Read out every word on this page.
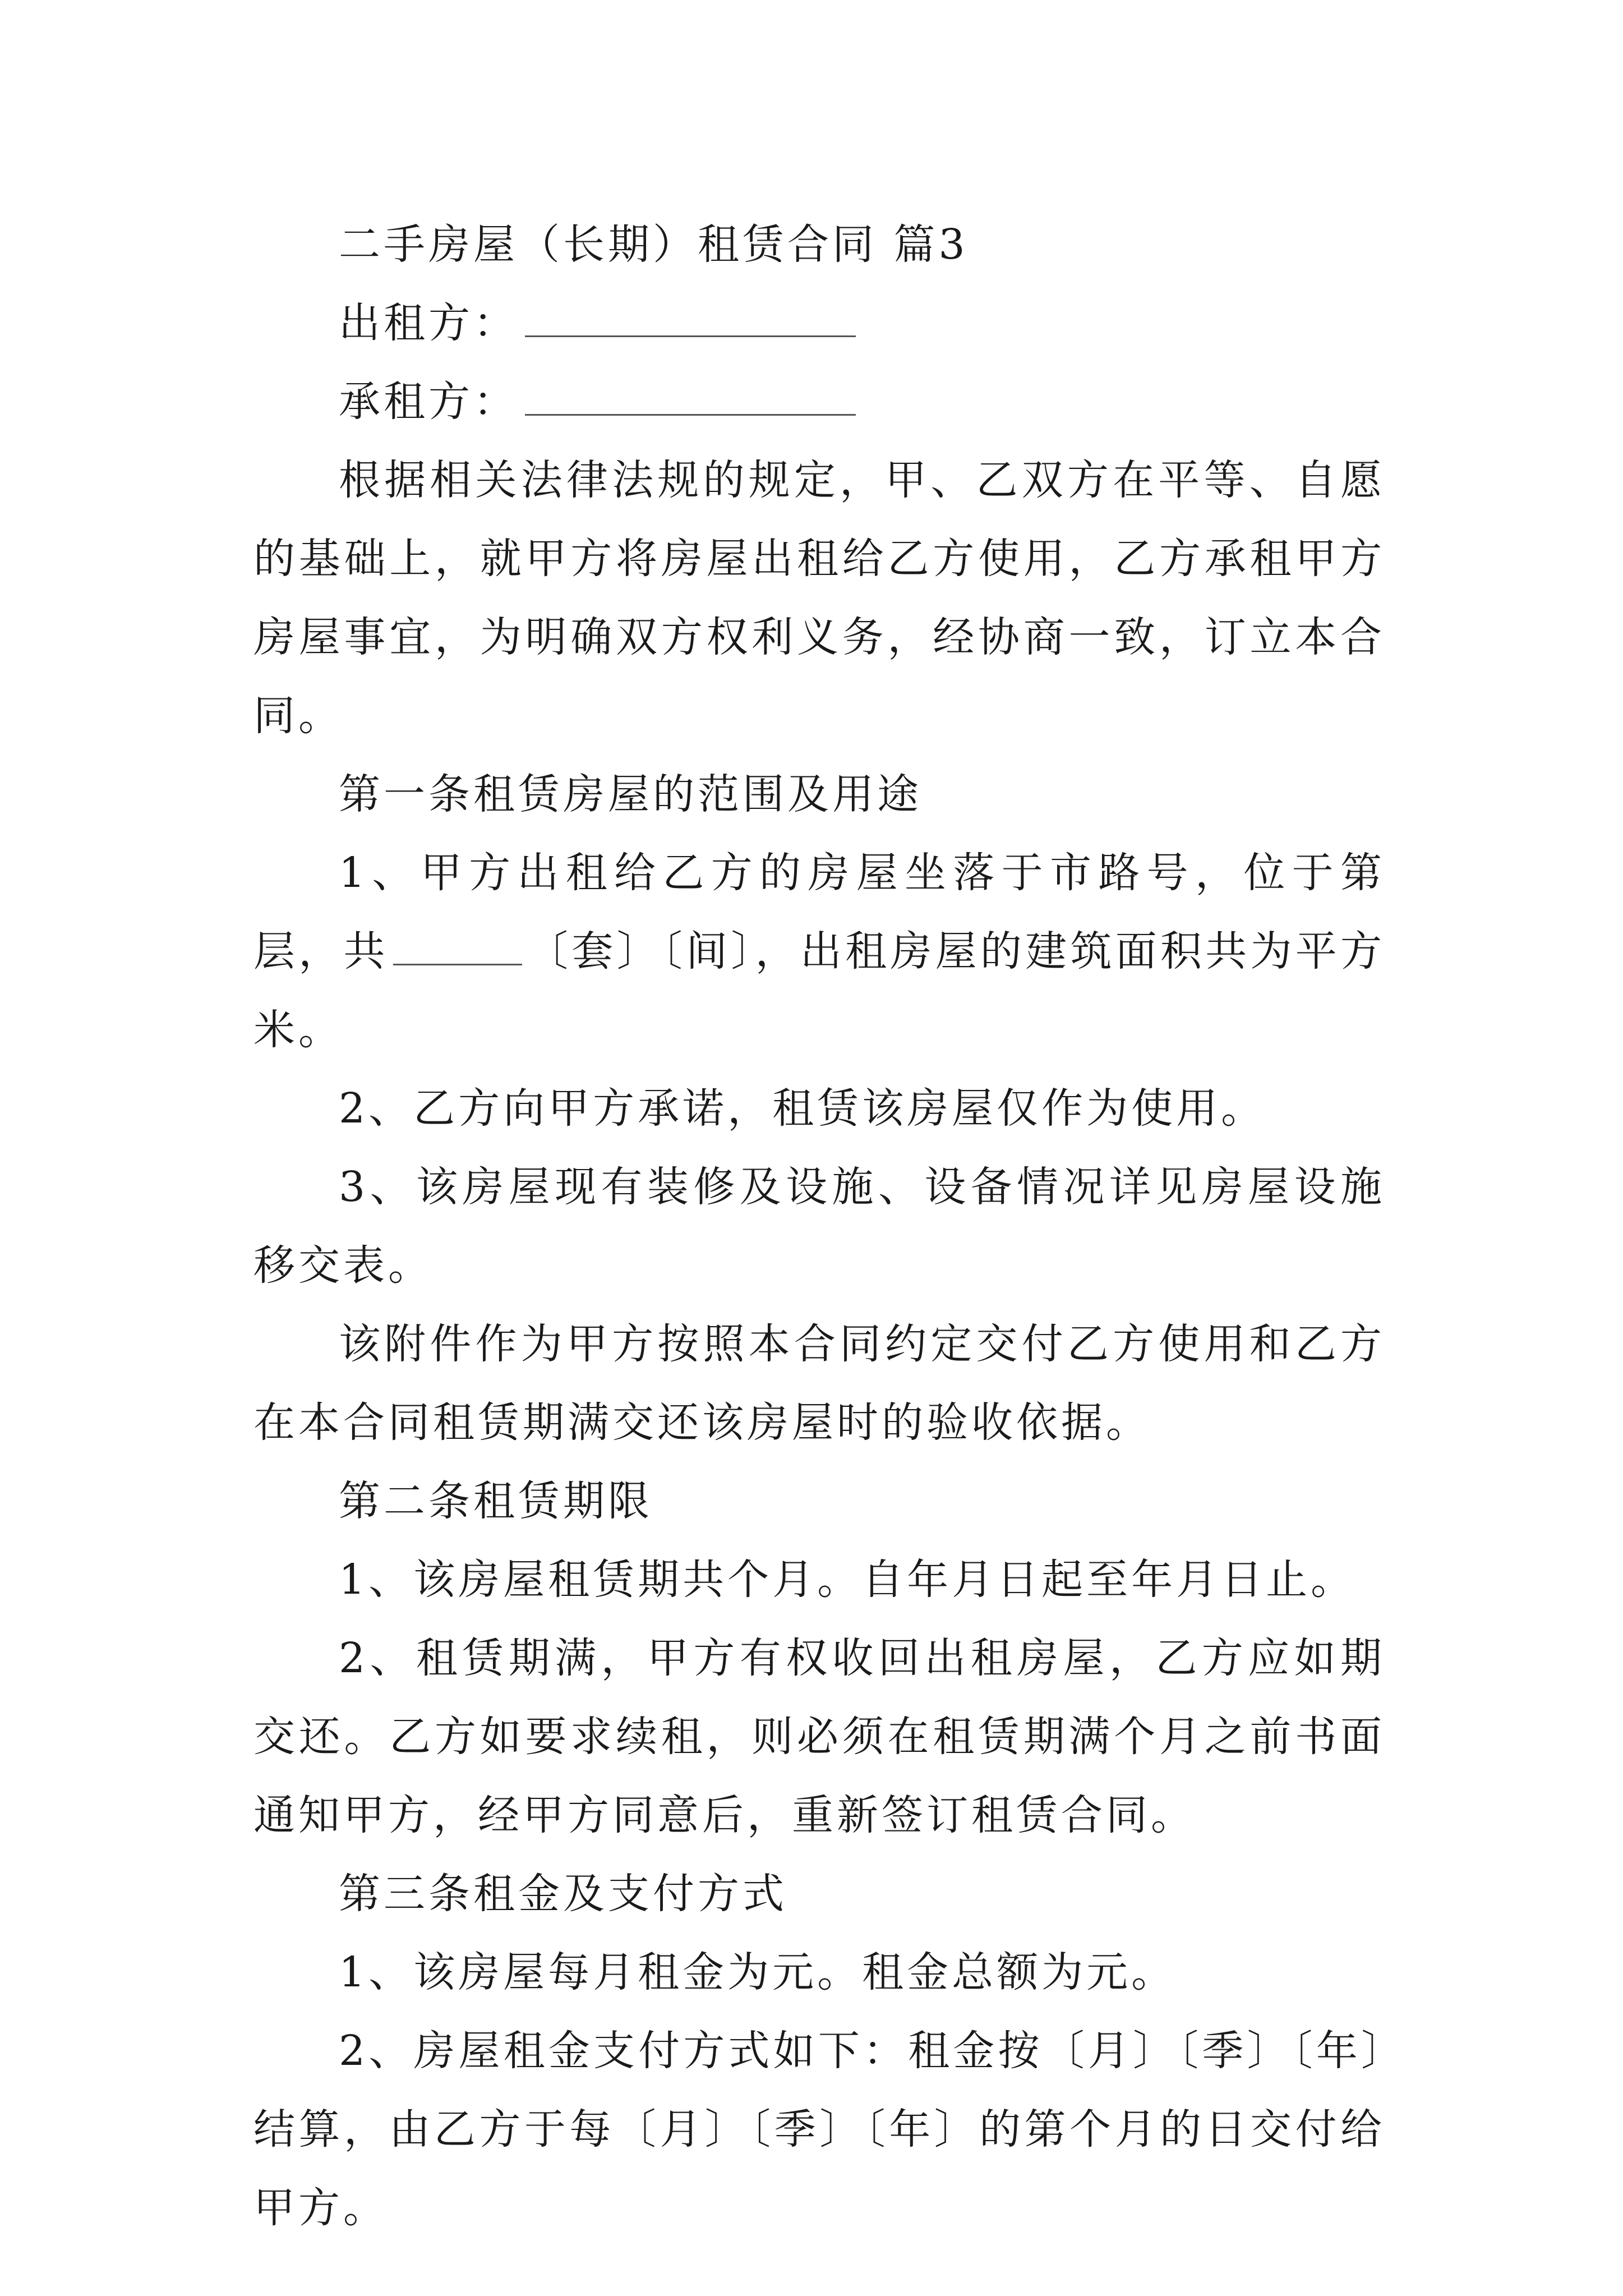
二手房屋（长期）租赁合同 篇3

出租方：

承租方：

根据相关法律法规的规定，甲、乙双方在平等、自愿的基础上，就甲方将房屋出租给乙方使用，乙方承租甲方房屋事宜，为明确双方权利义务，经协商一致，订立本合同。

第一条租赁房屋的范围及用途

1、甲方出租给乙方的房屋坐落于市路号，位于第层，共	〔套〕〔间〕，出租房屋的建筑面积共为平方米。

2、乙方向甲方承诺，租赁该房屋仅作为使用。

3、该房屋现有装修及设施、设备情况详见房屋设施移交表。

该附件作为甲方按照本合同约定交付乙方使用和乙方在本合同租赁期满交还该房屋时的验收依据。

第二条租赁期限

1、该房屋租赁期共个月。自年月日起至年月日止。

2、租赁期满，甲方有权收回出租房屋，乙方应如期交还。乙方如要求续租，则必须在租赁期满个月之前书面通知甲方，经甲方同意后，重新签订租赁合同。

第三条租金及支付方式

1、该房屋每月租金为元。租金总额为元。

2、房屋租金支付方式如下：租金按〔月〕〔季〕〔年〕结算，由乙方于每〔月〕〔季〕〔年〕的第个月的日交付给甲方。
